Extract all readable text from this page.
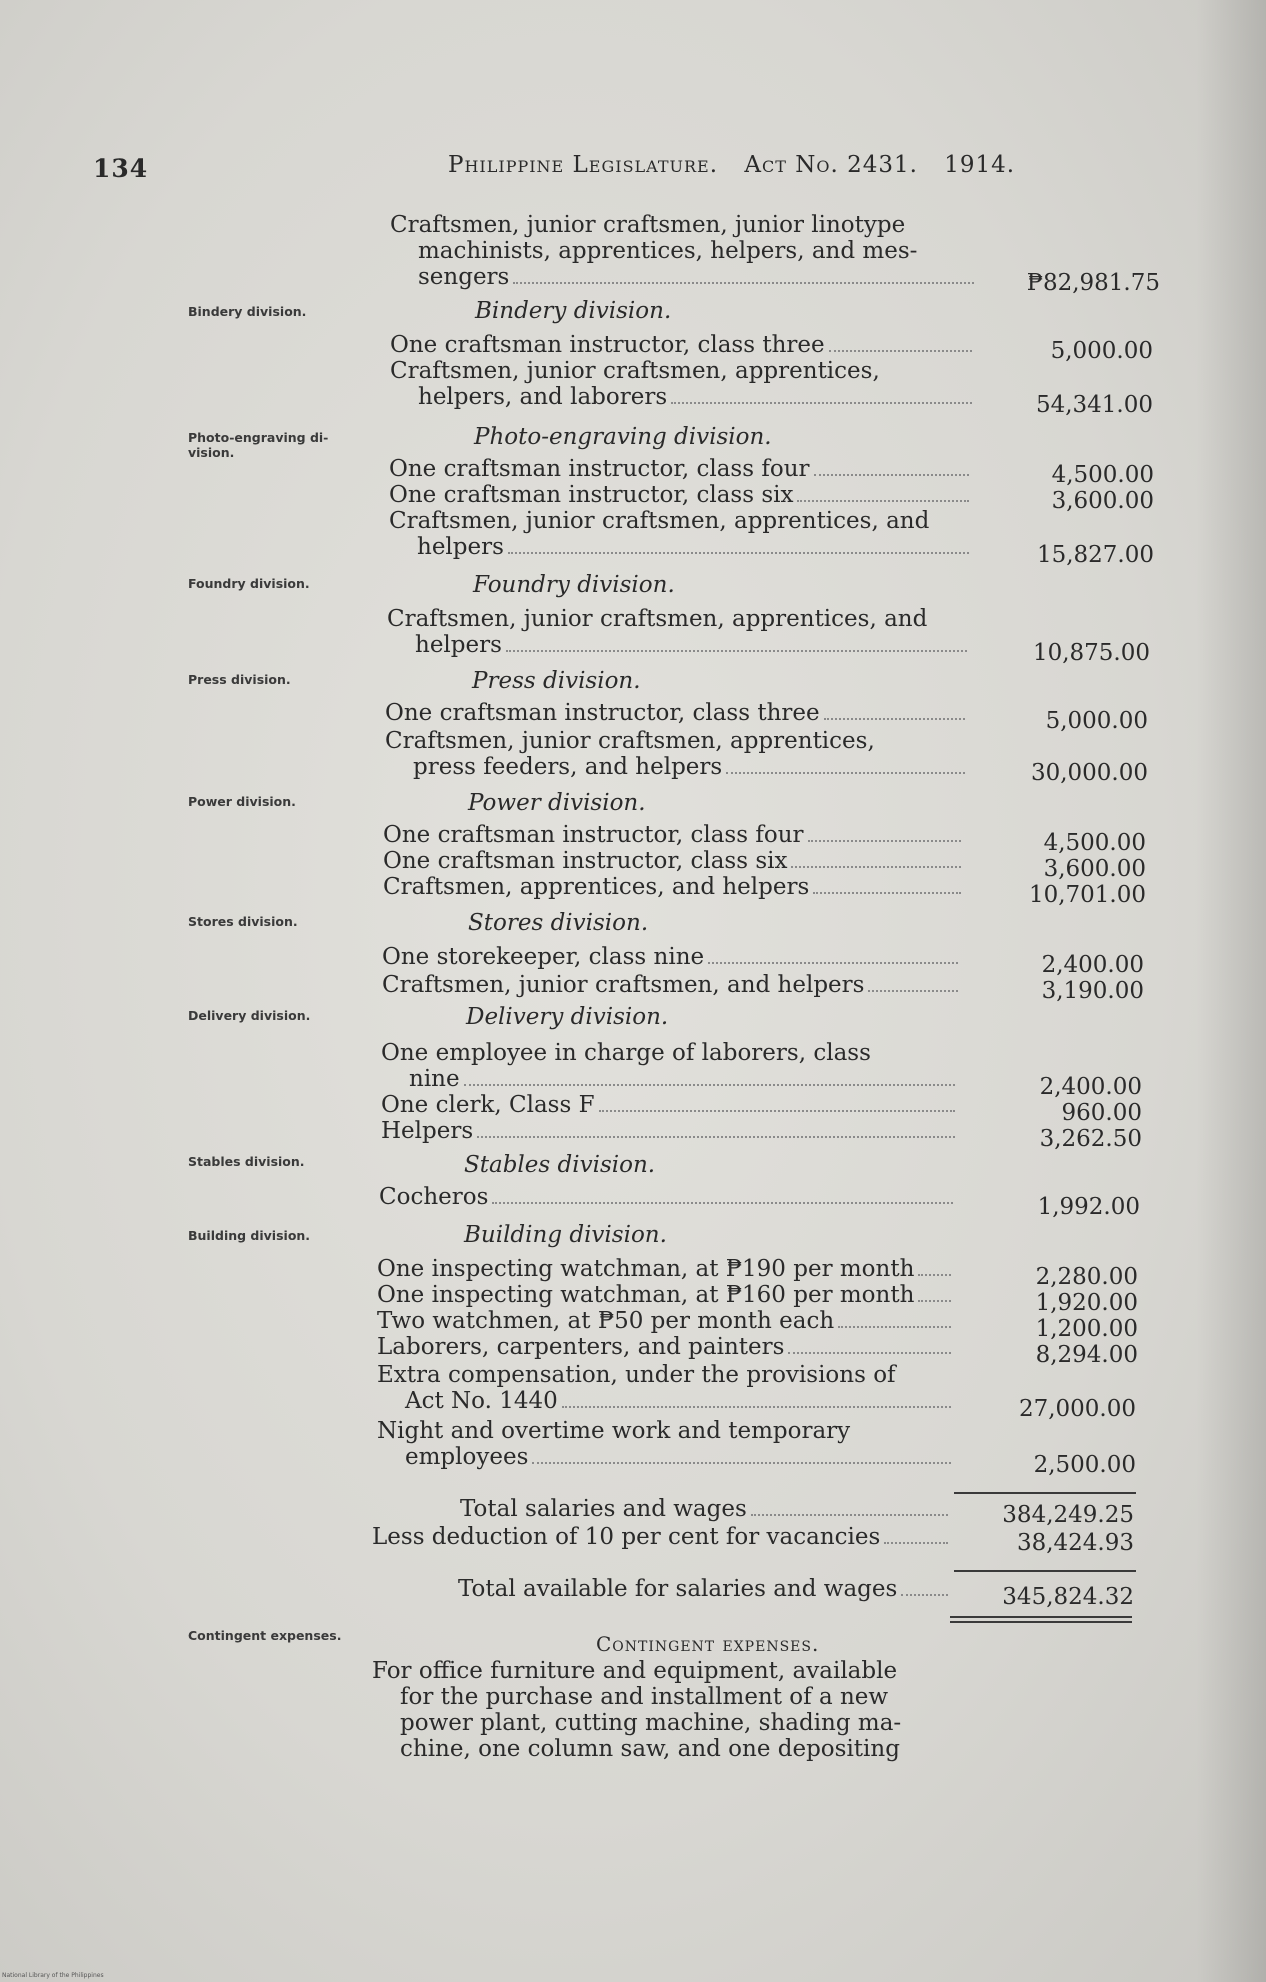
134	Philippine Legislature. Act No. 2431. 1914.
Craftsmen, junior craftsmen, junior linotype
machinists, apprentices, helpers, and mes-
sengers	₱82,981.75
Bindery division.	Bindery division.
One craftsman instructor, class three	5,000.00
Craftsmen, junior craftsmen, apprentices,
helpers, and laborers	54,341.00
Photo-engraving di-
vision.
Photo-engraving division.
One craftsman instructor, class four	4,500.00
One craftsman instructor, class six	3,600.00
Craftsmen, junior craftsmen, apprentices, and
helpers	15,827.00
Foundry division.	Foundry division.
Craftsmen, junior craftsmen, apprentices, and
helpers	10,875.00
Press division.	Press division.
One craftsman instructor, class three	5,000.00
Craftsmen, junior craftsmen, apprentices,
press feeders, and helpers	30,000.00
Power division.	Power division.
One craftsman instructor, class four	4,500.00
One craftsman instructor, class six	3,600.00
Craftsmen, apprentices, and helpers	10,701.00
Stores division.	Stores division.
One storekeeper, class nine	2,400.00
Craftsmen, junior craftsmen, and helpers	3,190.00
Delivery division.	Delivery division.
One employee in charge of laborers, class
nine	2,400.00
One clerk, Class F	960.00
Helpers	3,262.50
Stables division.	Stables division.
Cocheros	1,992.00
Building division.	Building division.
One inspecting watchman, at ₱190 per month	2,280.00
One inspecting watchman, at ₱160 per month	1,920.00
Two watchmen, at ₱50 per month each	1,200.00
Laborers, carpenters, and painters	8,294.00
Extra compensation, under the provisions of
Act No. 1440	27,000.00
Night and overtime work and temporary
employees	2,500.00
Total salaries and wages	384,249.25
Less deduction of 10 per cent for vacancies	38,424.93
Total available for salaries and wages	345,824.32
Contingent expenses.	Contingent expenses.
For office furniture and equipment, available
for the purchase and installment of a new
power plant, cutting machine, shading ma-
chine, one column saw, and one depositing
National Library of the Philippines
